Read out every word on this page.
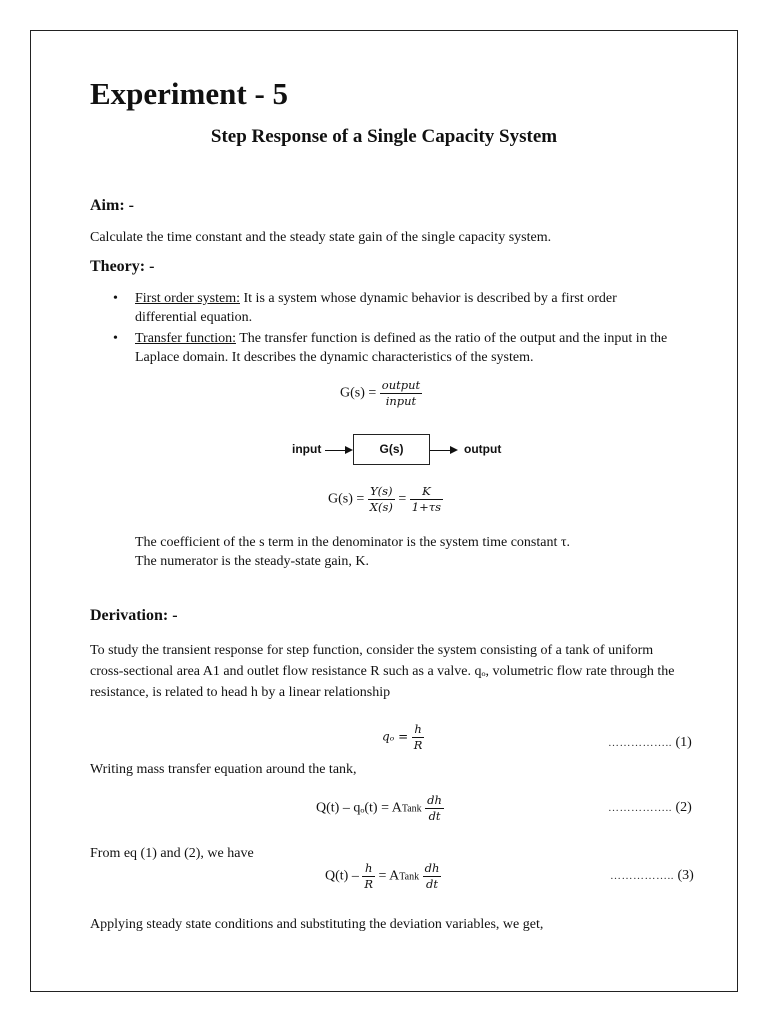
Experiment - 5
Step Response of a Single Capacity System
Aim: -
Calculate the time constant and the steady state gain of the single capacity system.
Theory: -
• First order system: It is a system whose dynamic behavior is described by a first order differential equation.
• Transfer function: The transfer function is defined as the ratio of the output and the input in the Laplace domain. It describes the dynamic characteristics of the system.
$G(s) = \frac{\text{output}}{\text{input}}$
input	G(s)	output
$G(s) = \frac{Y(s)}{X(s)} = \frac{K}{1+\tau s}$
The coefficient of the s term in the denominator is the system time constant τ.
The numerator is the steady-state gain, K.
Derivation: -
To study the transient response for step function, consider the system consisting of a tank of uniform cross-sectional area A1 and outlet flow resistance R such as a valve. qₒ, volumetric flow rate through the resistance, is related to head h by a linear relationship
$q_o = \frac{h}{R}$	…………….. (1)
Writing mass transfer equation around the tank,
Q(t) – qₒ(t) = ATank $\frac{dh}{dt}$	…………….. (2)
From eq (1) and (2), we have
$Q(t) - \frac{h}{R}$ = ATank $\frac{dh}{dt}$	…………….. (3)
Applying steady state conditions and substituting the deviation variables, we get,
